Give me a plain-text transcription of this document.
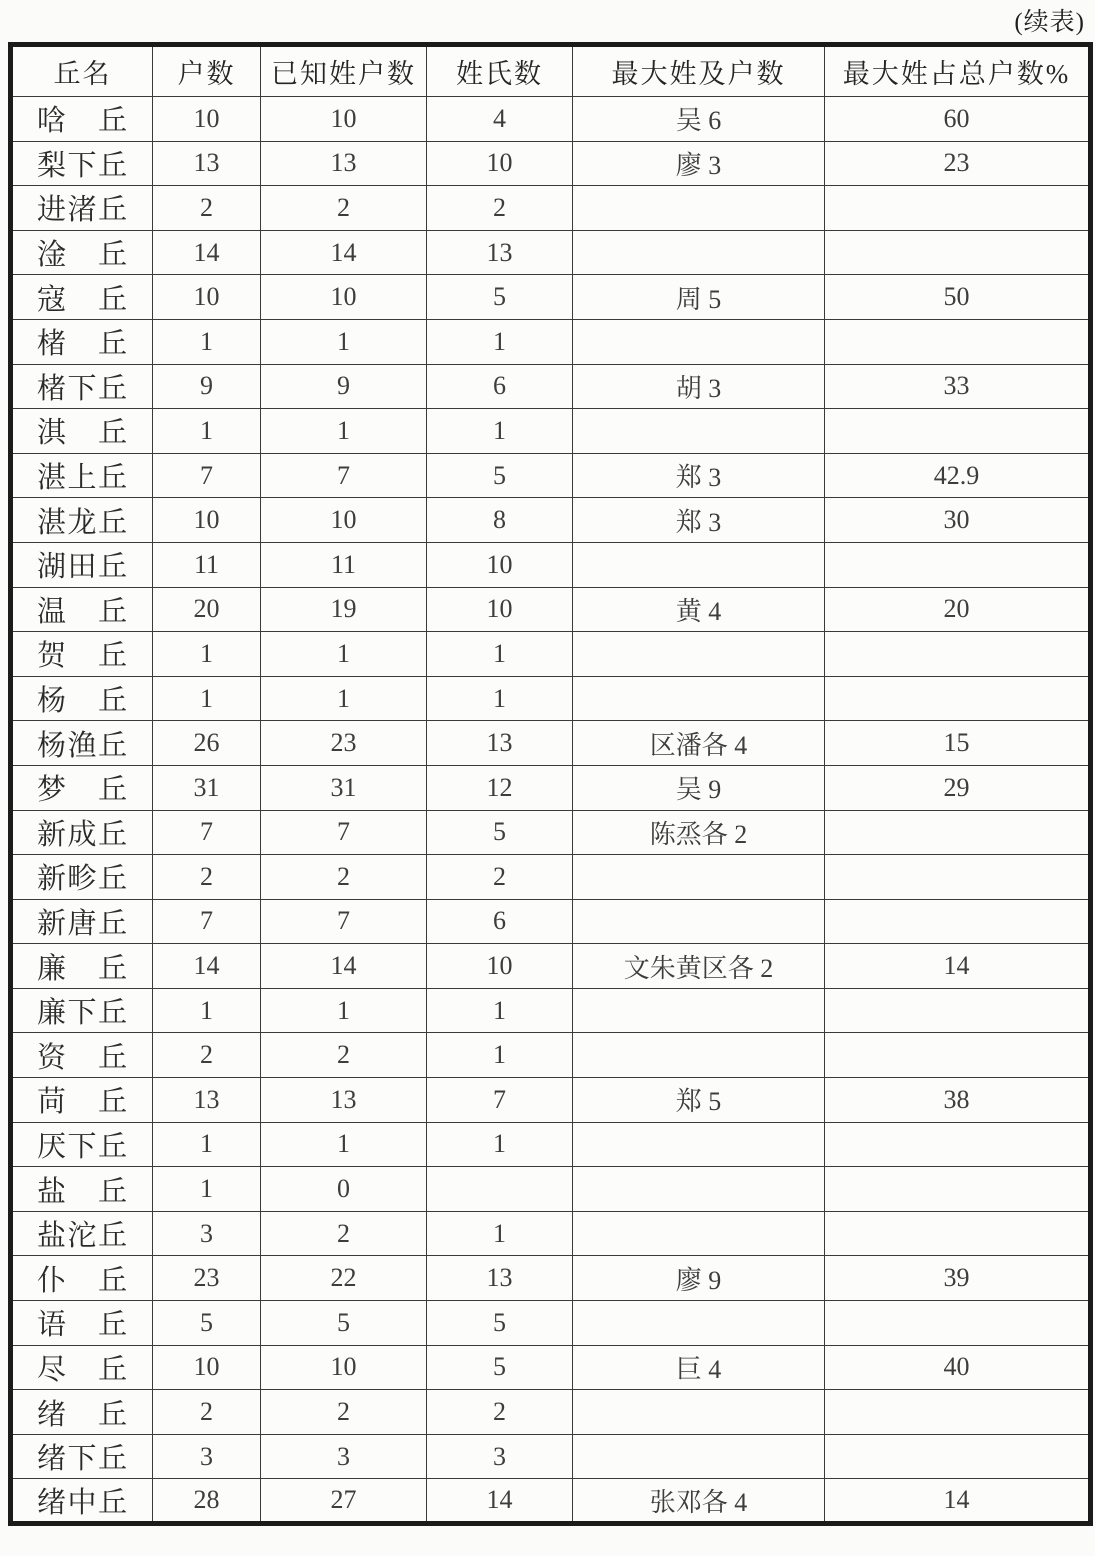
(续表)
丘名	户数	已知姓户数	姓氏数	最大姓及户数	最大姓占总户数%
唅　丘	10	10	4	吴 6	60
梨下丘	13	13	10	廖 3	23
进渚丘	2	2	2		
淦　丘	14	14	13		
寇　丘	10	10	5	周 5	50
楮　丘	1	1	1		
楮下丘	9	9	6	胡 3	33
淇　丘	1	1	1		
湛上丘	7	7	5	郑 3	42.9
湛龙丘	10	10	8	郑 3	30
湖田丘	11	11	10		
温　丘	20	19	10	黄 4	20
贺　丘	1	1	1		
杨　丘	1	1	1		
杨渔丘	26	23	13	区潘各 4	15
梦　丘	31	31	12	吴 9	29
新成丘	7	7	5	陈烝各 2	
新畛丘	2	2	2		
新唐丘	7	7	6		
廉　丘	14	14	10	文朱黄区各 2	14
廉下丘	1	1	1		
资　丘	2	2	1		
苘　丘	13	13	7	郑 5	38
厌下丘	1	1	1		
盐　丘	1	0			
盐沱丘	3	2	1		
仆　丘	23	22	13	廖 9	39
语　丘	5	5	5		
尽　丘	10	10	5	巨 4	40
绪　丘	2	2	2		
绪下丘	3	3	3		
绪中丘	28	27	14	张邓各 4	14
